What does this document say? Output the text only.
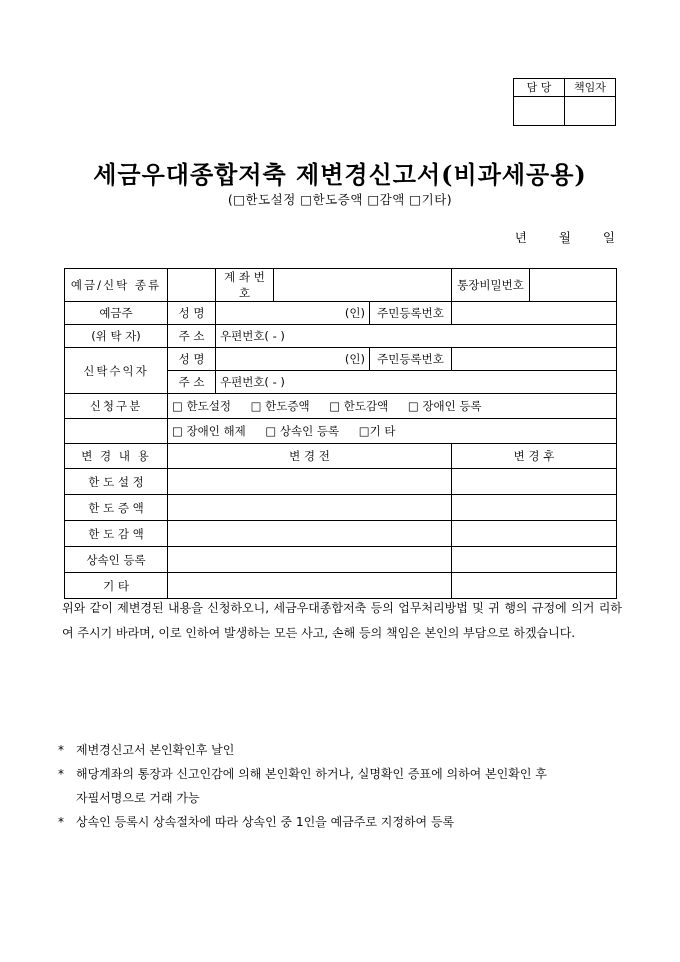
담 당	책임자

세금우대종합저축 제변경신고서(비과세공용)
(□한도설정 □한도증액 □감액 □기타)
년 월 일
예금/신탁 종류		계 좌 번 호			통장비밀번호	
예금주	성 명	(인)		주민등록번호		
(위 탁 자)	주 소	우편번호( - )				
신탁수익자	성 명	(인)		주민등록번호		
	주 소	우편번호( - )				
신청구분	□ 한도설정 □ 한도증액 □ 한도감액 □ 장애인 등록					
	□ 장애인 해제 □ 상속인 등록 □기 타					
변 경 내 용	변 경 전				변 경 후	
한 도 설 정						
한 도 증 액						
한 도 감 액						
상속인 등록						
기 타						
위와 같이 제변경된 내용을 신청하오니, 세금우대종합저축 등의 업무처리방법 및 귀 행의 규정에 의거 리하여 주시기 바라며, 이로 인하여 발생하는 모든 사고, 손해 등의 책임은 본인의 부담으로 하겠습니다.
*	제변경신고서 본인확인후 날인
*	해당계좌의 통장과 신고인감에 의해 본인확인 하거나, 실명확인 증표에 의하여 본인확인 후
자필서명으로 거래 가능
*	상속인 등록시 상속절차에 따라 상속인 중 1인을 예금주로 지정하여 등록
